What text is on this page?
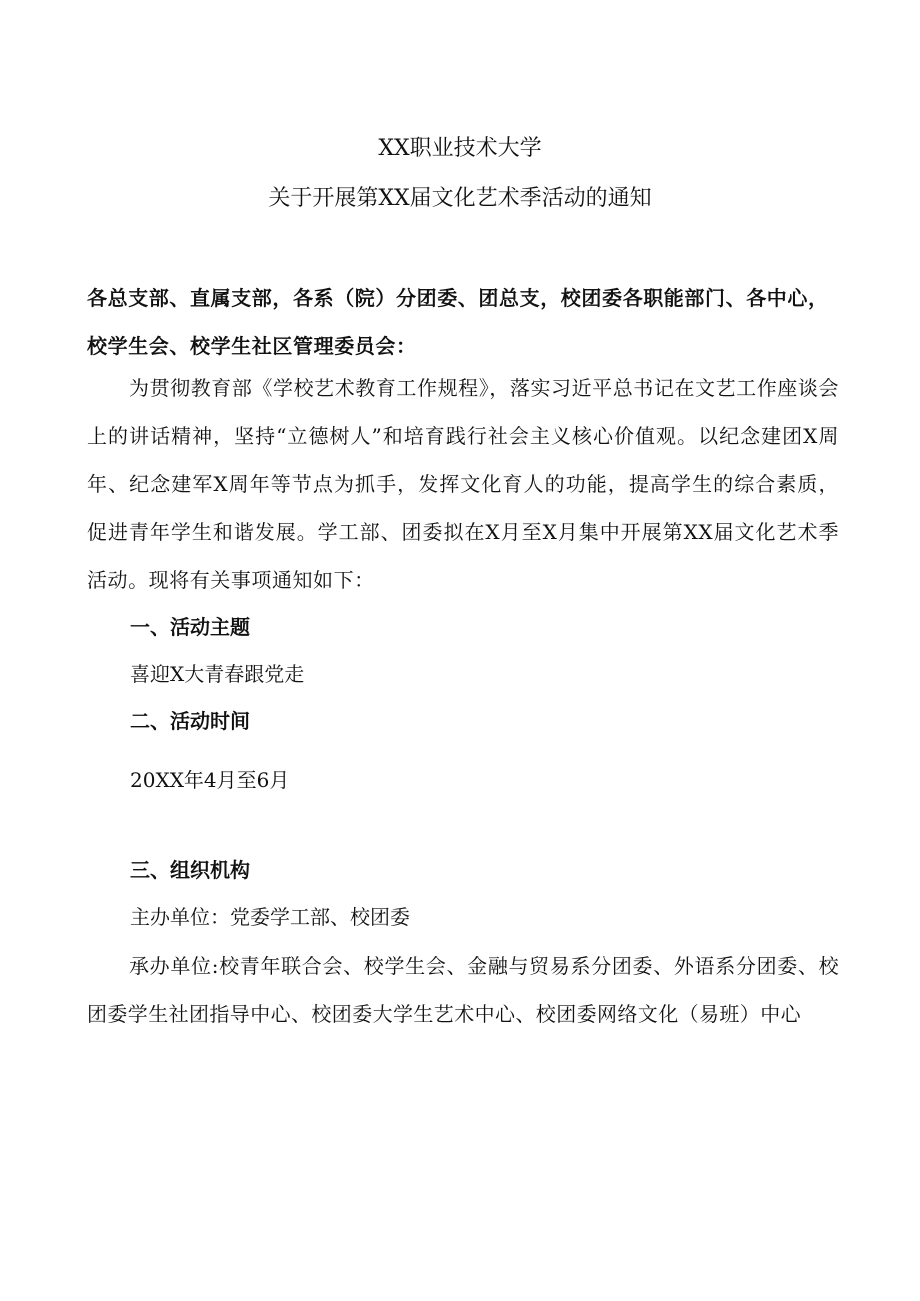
XX职业技术大学
关于开展第XX届文化艺术季活动的通知
各总支部、直属支部，各系（院）分团委、团总支，校团委各职能部门、各中心，校学生会、校学生社区管理委员会：
为贯彻教育部《学校艺术教育工作规程》，落实习近平总书记在文艺工作座谈会上的讲话精神，坚持“立德树人”和培育践行社会主义核心价值观。以纪念建团X周年、纪念建军X周年等节点为抓手，发挥文化育人的功能，提高学生的综合素质，促进青年学生和谐发展。学工部、团委拟在X月至X月集中开展第XX届文化艺术季活动。现将有关事项通知如下：
一、活动主题
喜迎X大青春跟党走
二、活动时间
20XX年4月至6月
三、组织机构
主办单位：党委学工部、校团委
承办单位:校青年联合会、校学生会、金融与贸易系分团委、外语系分团委、校团委学生社团指导中心、校团委大学生艺术中心、校团委网络文化（易班）中心
